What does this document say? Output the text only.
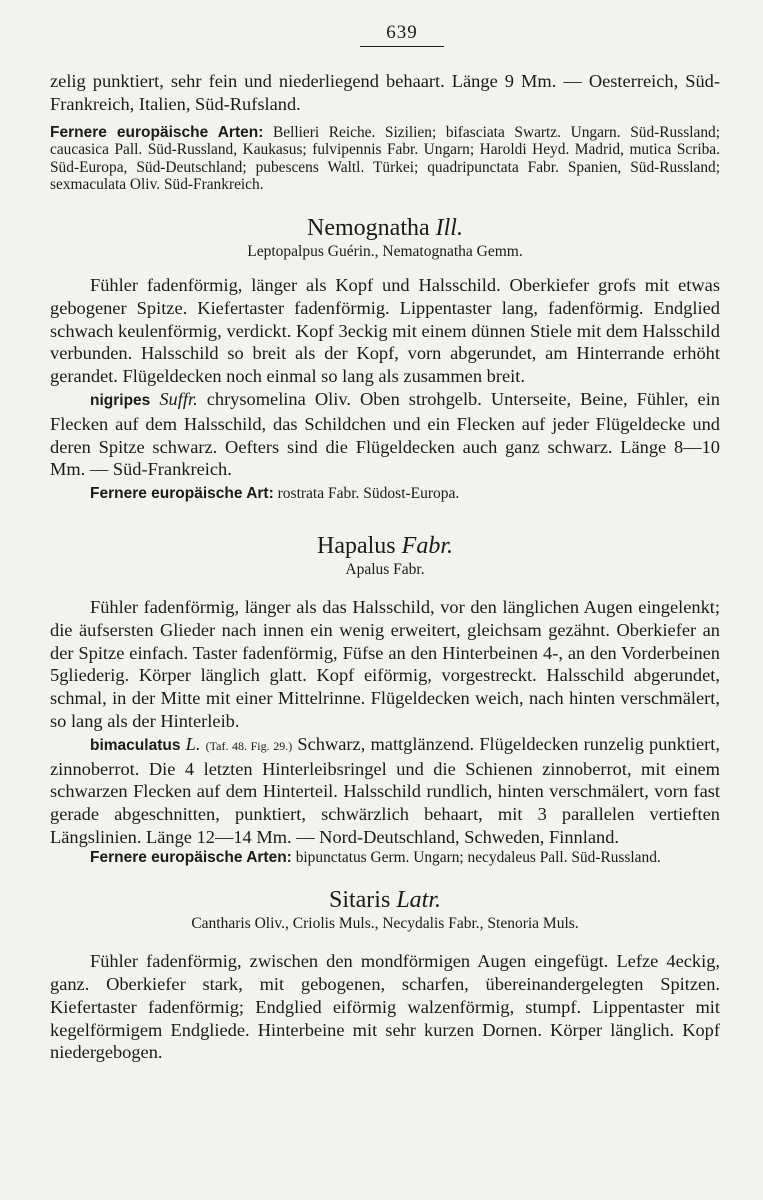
639

zelig punktiert, sehr fein und niederliegend behaart. Länge 9 Mm. — Oesterreich, Süd-Frankreich, Italien, Süd-Rufsland.

Fernere europäische Arten: Bellieri Reiche. Sizilien; bifasciata Swartz. Ungarn. Süd-Russland; caucasica Pall. Süd-Russland, Kaukasus; fulvipennis Fabr. Ungarn; Haroldi Heyd. Madrid, mutica Scriba. Süd-Europa, Süd-Deutschland; pubescens Waltl. Türkei; quadripunctata Fabr. Spanien, Süd-Russland; sexmaculata Oliv. Süd-Frankreich.

Nemognatha Ill.

Leptopalpus Guérin., Nematognatha Gemm.

Fühler fadenförmig, länger als Kopf und Halsschild. Oberkiefer grofs mit etwas gebogener Spitze. Kiefertaster fadenförmig. Lippentaster lang, fadenförmig. Endglied schwach keulenförmig, verdickt. Kopf 3eckig mit einem dünnen Stiele mit dem Halsschild verbunden. Halsschild so breit als der Kopf, vorn abgerundet, am Hinterrande erhöht gerandet. Flügeldecken noch einmal so lang als zusammen breit.

nigripes Suffr. chrysomelina Oliv. Oben strohgelb. Unterseite, Beine, Fühler, ein Flecken auf dem Halsschild, das Schildchen und ein Flecken auf jeder Flügeldecke und deren Spitze schwarz. Oefters sind die Flügeldecken auch ganz schwarz. Länge 8—10 Mm. — Süd-Frankreich.

Fernere europäische Art: rostrata Fabr. Südost-Europa.

Hapalus Fabr.

Apalus Fabr.

Fühler fadenförmig, länger als das Halsschild, vor den länglichen Augen eingelenkt; die äufsersten Glieder nach innen ein wenig erweitert, gleichsam gezähnt. Oberkiefer an der Spitze einfach. Taster fadenförmig, Füfse an den Hinterbeinen 4-, an den Vorderbeinen 5gliederig. Körper länglich glatt. Kopf eiförmig, vorgestreckt. Halsschild abgerundet, schmal, in der Mitte mit einer Mittelrinne. Flügeldecken weich, nach hinten verschmälert, so lang als der Hinterleib.

bimaculatus L. (Taf. 48. Fig. 29.) Schwarz, mattglänzend. Flügeldecken runzelig punktiert, zinnoberrot. Die 4 letzten Hinterleibsringel und die Schienen zinnoberrot, mit einem schwarzen Flecken auf dem Hinterteil. Halsschild rundlich, hinten verschmälert, vorn fast gerade abgeschnitten, punktiert, schwärzlich behaart, mit 3 parallelen vertieften Längslinien. Länge 12—14 Mm. — Nord-Deutschland, Schweden, Finnland.

Fernere europäische Arten: bipunctatus Germ. Ungarn; necydaleus Pall. Süd-Russland.

Sitaris Latr.

Cantharis Oliv., Criolis Muls., Necydalis Fabr., Stenoria Muls.

Fühler fadenförmig, zwischen den mondförmigen Augen eingefügt. Lefze 4eckig, ganz. Oberkiefer stark, mit gebogenen, scharfen, übereinandergelegten Spitzen. Kiefertaster fadenförmig; Endglied eiförmig walzenförmig, stumpf. Lippentaster mit kegelförmigem Endgliede. Hinterbeine mit sehr kurzen Dornen. Körper länglich. Kopf niedergebogen.
